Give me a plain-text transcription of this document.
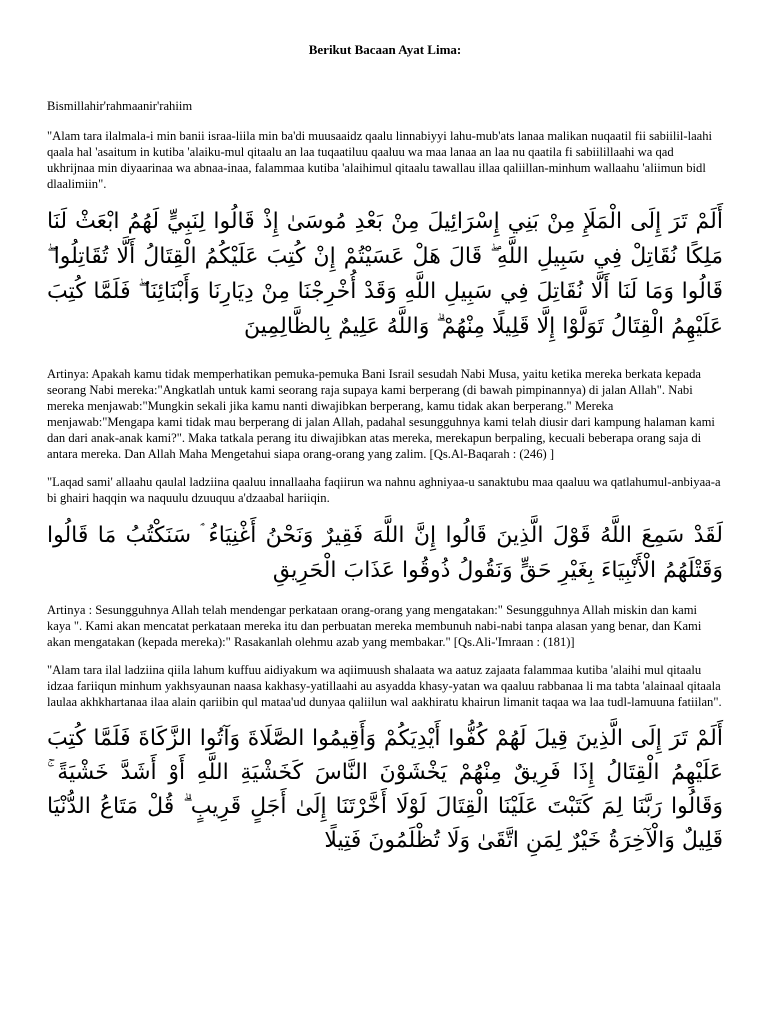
Berikut Bacaan Ayat Lima:
Bismillahir'rahmaanir'rahiim
"Alam tara ilalmala-i min banii israa-liila min ba'di muusaaidz qaalu linnabiyyi lahu-mub'ats lanaa malikan nuqaatil fii sabiilil-laahi qaala hal 'asaitum in kutiba 'alaiku-mul qitaalu an laa tuqaatiluu qaaluu wa maa lanaa an laa nu qaatila fi sabiilillaahi wa qad ukhrijnaa min diyaarinaa wa abnaa-inaa, falammaa kutiba 'alaihimul qitaalu tawallau illaa qaliillan-minhum wallaahu 'aliimun bidl dlaalimiin".
أَلَمْ تَرَ إِلَى الْمَلَإِ مِنْ بَنِي إِسْرَائِيلَ مِنْ بَعْدِ مُوسَىٰ إِذْ قَالُوا لِنَبِيٍّ لَهُمُ ابْعَثْ لَنَا مَلِكًا نُقَاتِلْ فِي سَبِيلِ اللَّهِ ۖ قَالَ هَلْ عَسَيْتُمْ إِنْ كُتِبَ عَلَيْكُمُ الْقِتَالُ أَلَّا تُقَاتِلُوا ۖ قَالُوا وَمَا لَنَا أَلَّا نُقَاتِلَ فِي سَبِيلِ اللَّهِ وَقَدْ أُخْرِجْنَا مِنْ دِيَارِنَا وَأَبْنَائِنَا ۖ فَلَمَّا كُتِبَ عَلَيْهِمُ الْقِتَالُ تَوَلَّوْا إِلَّا قَلِيلًا مِنْهُمْ ۗ وَاللَّهُ عَلِيمٌ بِالظَّالِمِينَ
Artinya: Apakah kamu tidak memperhatikan pemuka-pemuka Bani Israil sesudah Nabi Musa, yaitu ketika mereka berkata kepada seorang Nabi mereka:"Angkatlah untuk kami seorang raja supaya kami berperang (di bawah pimpinannya) di jalan Allah". Nabi mereka menjawab:"Mungkin sekali jika kamu nanti diwajibkan berperang, kamu tidak akan berperang." Mereka menjawab:"Mengapa kami tidak mau berperang di jalan Allah, padahal sesungguhnya kami telah diusir dari kampung halaman kami dan dari anak-anak kami?". Maka tatkala perang itu diwajibkan atas mereka, merekapun berpaling, kecuali beberapa orang saja di antara mereka. Dan Allah Maha Mengetahui siapa orang-orang yang zalim. [Qs.Al-Baqarah : (246) ]
"Laqad sami' allaahu qaulal ladziina qaaluu innallaaha faqiirun wa nahnu aghniyaa-u sanaktubu maa qaaluu wa qatlahumul-anbiyaa-a bi ghairi haqqin wa naquulu dzuuquu a'dzaabal hariiqin.
لَقَدْ سَمِعَ اللَّهُ قَوْلَ الَّذِينَ قَالُوا إِنَّ اللَّهَ فَقِيرٌ وَنَحْنُ أَغْنِيَاءُ ۘ سَنَكْتُبُ مَا قَالُوا وَقَتْلَهُمُ الْأَنْبِيَاءَ بِغَيْرِ حَقٍّ وَنَقُولُ ذُوقُوا عَذَابَ الْحَرِيقِ
Artinya : Sesungguhnya Allah telah mendengar perkataan orang-orang yang mengatakan:" Sesungguhnya Allah miskin dan kami kaya ". Kami akan mencatat perkataan mereka itu dan perbuatan mereka membunuh nabi-nabi tanpa alasan yang benar, dan Kami akan mengatakan (kepada mereka):" Rasakanlah olehmu azab yang membakar." [Qs.Ali-'Imraan : (181)]
"Alam tara ilal ladziina qiila lahum kuffuu aidiyakum wa aqiimuush shalaata wa aatuz zajaata falammaa kutiba 'alaihi mul qitaalu idzaa fariiqun minhum yakhsyaunan naasa kakhasy-yatillaahi au asyadda khasy-yatan wa qaaluu rabbanaa li ma tabta 'alainaal qitaala laulaa akhkhartanaa ilaa alain qariibin qul mataa'ud dunyaa qaliilun wal aakhiratu khairun limanit taqaa wa laa tudl-lamuuna fatiilan".
أَلَمْ تَرَ إِلَى الَّذِينَ قِيلَ لَهُمْ كُفُّوا أَيْدِيَكُمْ وَأَقِيمُوا الصَّلَاةَ وَآتُوا الزَّكَاةَ فَلَمَّا كُتِبَ عَلَيْهِمُ الْقِتَالُ إِذَا فَرِيقٌ مِنْهُمْ يَخْشَوْنَ النَّاسَ كَخَشْيَةِ اللَّهِ أَوْ أَشَدَّ خَشْيَةً ۚ وَقَالُوا رَبَّنَا لِمَ كَتَبْتَ عَلَيْنَا الْقِتَالَ لَوْلَا أَخَّرْتَنَا إِلَىٰ أَجَلٍ قَرِيبٍ ۗ قُلْ مَتَاعُ الدُّنْيَا قَلِيلٌ وَالْآخِرَةُ خَيْرٌ لِمَنِ اتَّقَىٰ وَلَا تُظْلَمُونَ فَتِيلًا
